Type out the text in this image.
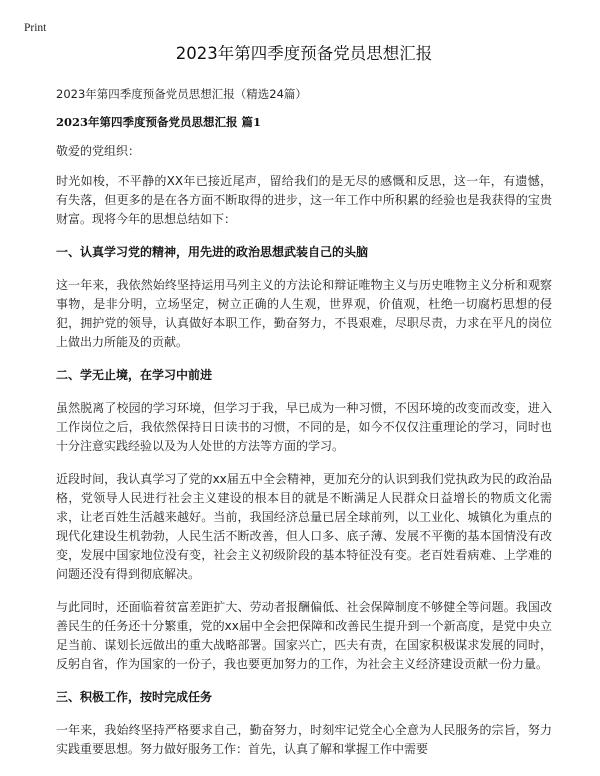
Print
2023年第四季度预备党员思想汇报
2023年第四季度预备党员思想汇报（精选24篇）
2023年第四季度预备党员思想汇报 篇1
敬爱的党组织：

时光如梭，不平静的XX年已接近尾声，留给我们的是无尽的感慨和反思，这一年，有遗憾，有失落，但更多的是在各方面不断取得的进步，这一年工作中所积累的经验也是我获得的宝贵财富。现将今年的思想总结如下：

一、认真学习党的精神，用先进的政治思想武装自己的头脑

这一年来，我依然始终坚持运用马列主义的方法论和辩证唯物主义与历史唯物主义分析和观察事物，是非分明，立场坚定，树立正确的人生观，世界观，价值观，杜绝一切腐朽思想的侵犯，拥护党的领导，认真做好本职工作，勤奋努力，不畏艰难，尽职尽责，力求在平凡的岗位上做出力所能及的贡献。

二、学无止境，在学习中前进

虽然脱离了校园的学习环境，但学习于我，早已成为一种习惯，不因环境的改变而改变，进入工作岗位之后，我依然保持日日读书的习惯，不同的是，如今不仅仅注重理论的学习，同时也十分注意实践经验以及为人处世的方法等方面的学习。

近段时间，我认真学习了党的xx届五中全会精神，更加充分的认识到我们党执政为民的政治品格，党领导人民进行社会主义建设的根本目的就是不断满足人民群众日益增长的物质文化需求，让老百姓生活越来越好。当前，我国经济总量已居全球前列，以工业化、城镇化为重点的现代化建设生机勃勃，人民生活不断改善，但人口多、底子薄、发展不平衡的基本国情没有改变，发展中国家地位没有变，社会主义初级阶段的基本特征没有变。老百姓看病难、上学难的问题还没有得到彻底解决。

与此同时，还面临着贫富差距扩大、劳动者报酬偏低、社会保障制度不够健全等问题。我国改善民生的任务还十分繁重，党的xx届中全会把保障和改善民生提升到一个新高度，是党中央立足当前、谋划长远做出的重大战略部署。国家兴亡，匹夫有责，在国家积极谋求发展的同时，反躬自省，作为国家的一份子，我也要更加努力的工作，为社会主义经济建设贡献一份力量。

三、积极工作，按时完成任务

一年来，我始终坚持严格要求自己，勤奋努力，时刻牢记党全心全意为人民服务的宗旨，努力实践重要思想。努力做好服务工作：首先，认真了解和掌握工作中需要
